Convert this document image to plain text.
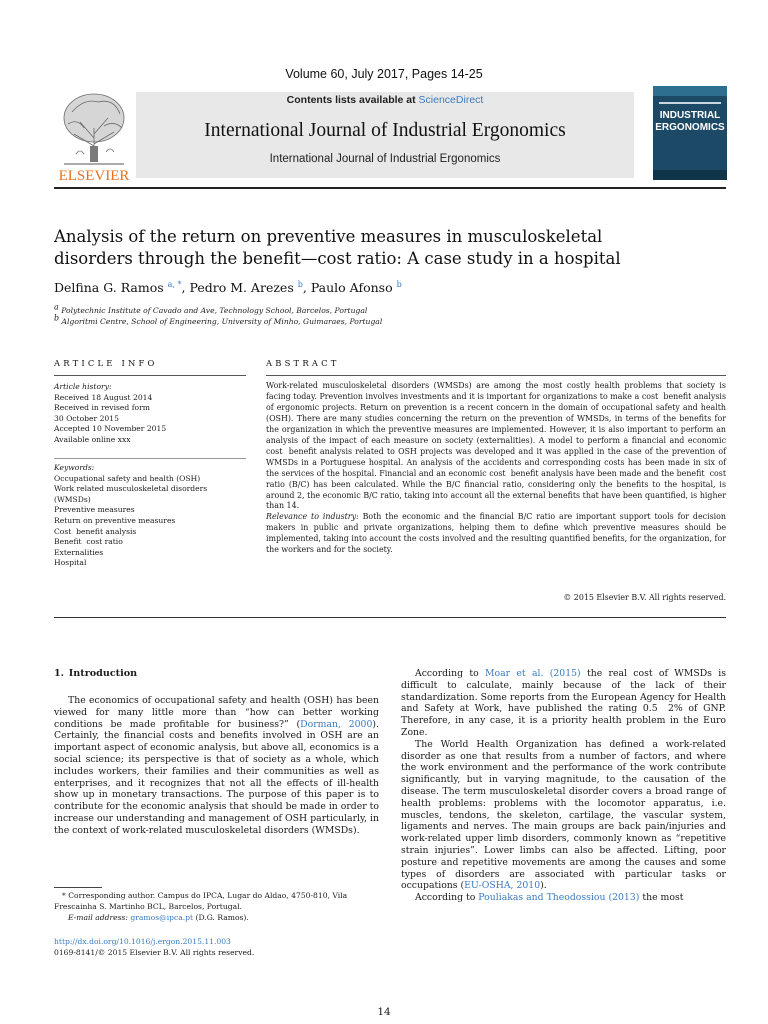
Volume 60, July 2017, Pages 14-25
ELSEVIER
Contents lists available at ScienceDirect
International Journal of Industrial Ergonomics
International Journal of Industrial Ergonomics
INDUSTRIAL
ERGONOMICS
Analysis of the return on preventive measures in musculoskeletal
disorders through the benefit—cost ratio: A case study in a hospital
Delfina G. Ramos $^{a, *}$, Pedro M. Arezes $^b$, Paulo Afonso $^b$
$^a$ Polytechnic Institute of Cavado and Ave, Technology School, Barcelos, Portugal
$^b$ Algoritmi Centre, School of Engineering, University of Minho, Guimaraes, Portugal
ARTICLE INFO
Article history:
Received 18 August 2014
Received in revised form
30 October 2015
Accepted 10 November 2015
Available online xxx
Keywords:
Occupational safety and health (OSH)
Work related musculoskeletal disorders
(WMSDs)
Preventive measures
Return on preventive measures
Cost  benefit analysis
Benefit  cost ratio
Externalities
Hospital
ABSTRACT

Work-related musculoskeletal disorders (WMSDs) are among the most costly health problems that society is facing today. Prevention involves investments and it is important for organizations to make a cost  benefit analysis of ergonomic projects. Return on prevention is a recent concern in the domain of occupational safety and health (OSH). There are many studies concerning the return on the prevention of WMSDs, in terms of the benefits for the organization in which the preventive measures are implemented. However, it is also important to perform an analysis of the impact of each measure on society (externalities). A model to perform a financial and economic cost  benefit analysis related to OSH projects was developed and it was applied in the case of the prevention of WMSDs in a Portuguese hospital. An analysis of the accidents and corresponding costs has been made in six of the services of the hospital. Financial and an economic cost  benefit analysis have been made and the benefit  cost ratio (B/C) has been calculated. While the B/C financial ratio, considering only the benefits to the hospital, is around 2, the economic B/C ratio, taking into account all the external benefits that have been quantified, is higher than 14.

Relevance to industry: Both the economic and the financial B/C ratio are important support tools for decision makers in public and private organizations, helping them to define which preventive measures should be implemented, taking into account the costs involved and the resulting quantified benefits, for the organization, for the workers and for the society.

© 2015 Elsevier B.V. All rights reserved.
1. Introduction

The economics of occupational safety and health (OSH) has been viewed for many little more than “how can better working conditions be made profitable for business?” (Dorman, 2000). Certainly, the financial costs and benefits involved in OSH are an important aspect of economic analysis, but above all, economics is a social science; its perspective is that of society as a whole, which includes workers, their families and their communities as well as enterprises, and it recognizes that not all the effects of ill-health show up in monetary transactions. The purpose of this paper is to contribute for the economic analysis that should be made in order to increase our understanding and management of OSH particularly, in the context of work-related musculoskeletal disorders (WMSDs).

According to Moar et al. (2015) the real cost of WMSDs is difficult to calculate, mainly because of the lack of their standardization. Some reports from the European Agency for Health and Safety at Work, have published the rating 0.5  2% of GNP. Therefore, in any case, it is a priority health problem in the Euro Zone.

The World Health Organization has defined a work-related disorder as one that results from a number of factors, and where the work environment and the performance of the work contribute significantly, but in varying magnitude, to the causation of the disease. The term musculoskeletal disorder covers a broad range of health problems: problems with the locomotor apparatus, i.e. muscles, tendons, the skeleton, cartilage, the vascular system, ligaments and nerves. The main groups are back pain/injuries and work-related upper limb disorders, commonly known as “repetitive strain injuries”. Lower limbs can also be affected. Lifting, poor posture and repetitive movements are among the causes and some types of disorders are associated with particular tasks or occupations (EU-OSHA, 2010).

According to Pouliakas and Theodossiou (2013) the most

* Corresponding author. Campus do IPCA, Lugar do Aldao, 4750-810, Vila Frescainha S. Martinho BCL, Barcelos, Portugal.
E-mail address: gramos@ipca.pt (D.G. Ramos).
http://dx.doi.org/10.1016/j.ergon.2015.11.003
0169-8141/© 2015 Elsevier B.V. All rights reserved.
14
